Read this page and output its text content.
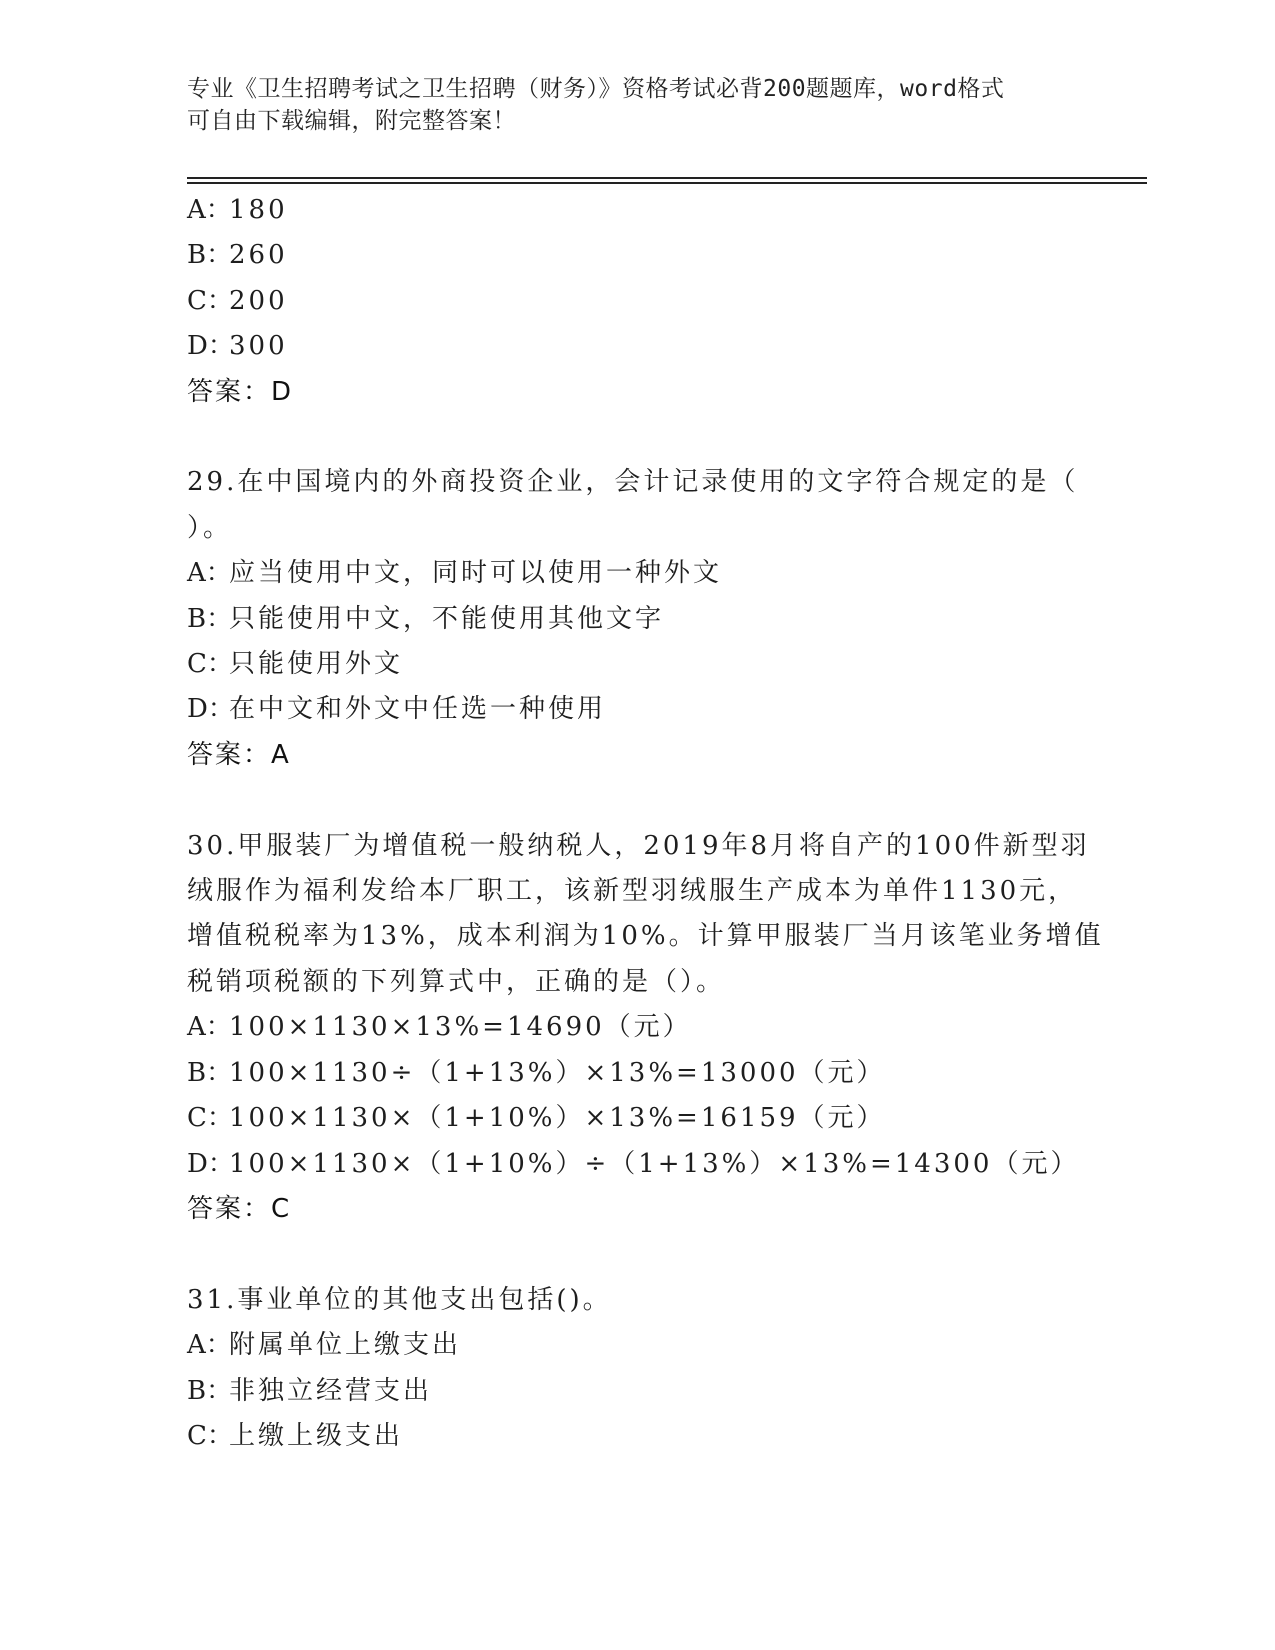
专业《卫生招聘考试之卫生招聘（财务）》资格考试必背200题题库，word格式
可自由下载编辑，附完整答案！
A：180
B：260
C：200
D：300
答案：D
29.在中国境内的外商投资企业，会计记录使用的文字符合规定的是（
）。
A：应当使用中文，同时可以使用一种外文
B：只能使用中文，不能使用其他文字
C：只能使用外文
D：在中文和外文中任选一种使用
答案：A
30.甲服装厂为增值税一般纳税人，2019年8月将自产的100件新型羽
绒服作为福利发给本厂职工，该新型羽绒服生产成本为单件1130元，
增值税税率为13%，成本利润为10%。计算甲服装厂当月该笔业务增值
税销项税额的下列算式中，正确的是（）。
A：100×1130×13%=14690（元）
B：100×1130÷（1+13%）×13%=13000（元）
C：100×1130×（1+10%）×13%=16159（元）
D：100×1130×（1+10%）÷（1+13%）×13%=14300（元）
答案：C
31.事业单位的其他支出包括()。
A：附属单位上缴支出
B：非独立经营支出
C：上缴上级支出
